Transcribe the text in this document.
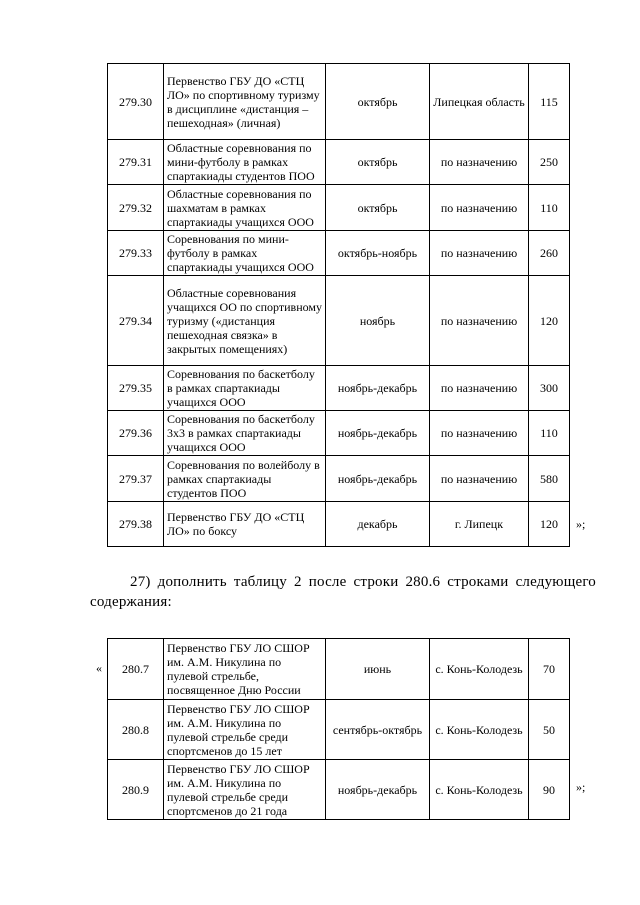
279.30	Первенство ГБУ ДО «СТЦ ЛО» по спортивному туризму в дисциплине «дистанция – пешеходная» (личная)	октябрь	Липецкая область	115
279.31	Областные соревнования по мини-футболу в рамках спартакиады студентов ПОО	октябрь	по назначению	250
279.32	Областные соревнования по шахматам в рамках спартакиады учащихся ООО	октябрь	по назначению	110
279.33	Соревнования по мини-футболу в рамках спартакиады учащихся ООО	октябрь-ноябрь	по назначению	260
279.34	Областные соревнования учащихся ОО по спортивному туризму («дистанция пешеходная связка» в закрытых помещениях)	ноябрь	по назначению	120
279.35	Соревнования по баскетболу в рамках спартакиады учащихся ООО	ноябрь-декабрь	по назначению	300
279.36	Соревнования по баскетболу 3х3 в рамках спартакиады учащихся ООО	ноябрь-декабрь	по назначению	110
279.37	Соревнования по волейболу в рамках спартакиады студентов ПОО	ноябрь-декабрь	по назначению	580
279.38	Первенство ГБУ ДО «СТЦ ЛО» по боксу	декабрь	г. Липецк	120 »;
27) дополнить таблицу 2 после строки 280.6 строками следующего содержания:
« 280.7	Первенство ГБУ ЛО СШОР им. А.М. Никулина по пулевой стрельбе, посвященное Дню России	июнь	с. Конь-Колодезь	70
280.8	Первенство ГБУ ЛО СШОР им. А.М. Никулина по пулевой стрельбе среди спортсменов до 15 лет	сентябрь-октябрь	с. Конь-Колодезь	50
280.9	Первенство ГБУ ЛО СШОР им. А.М. Никулина по пулевой стрельбе среди спортсменов до 21 года	ноябрь-декабрь	с. Конь-Колодезь	90 »;
